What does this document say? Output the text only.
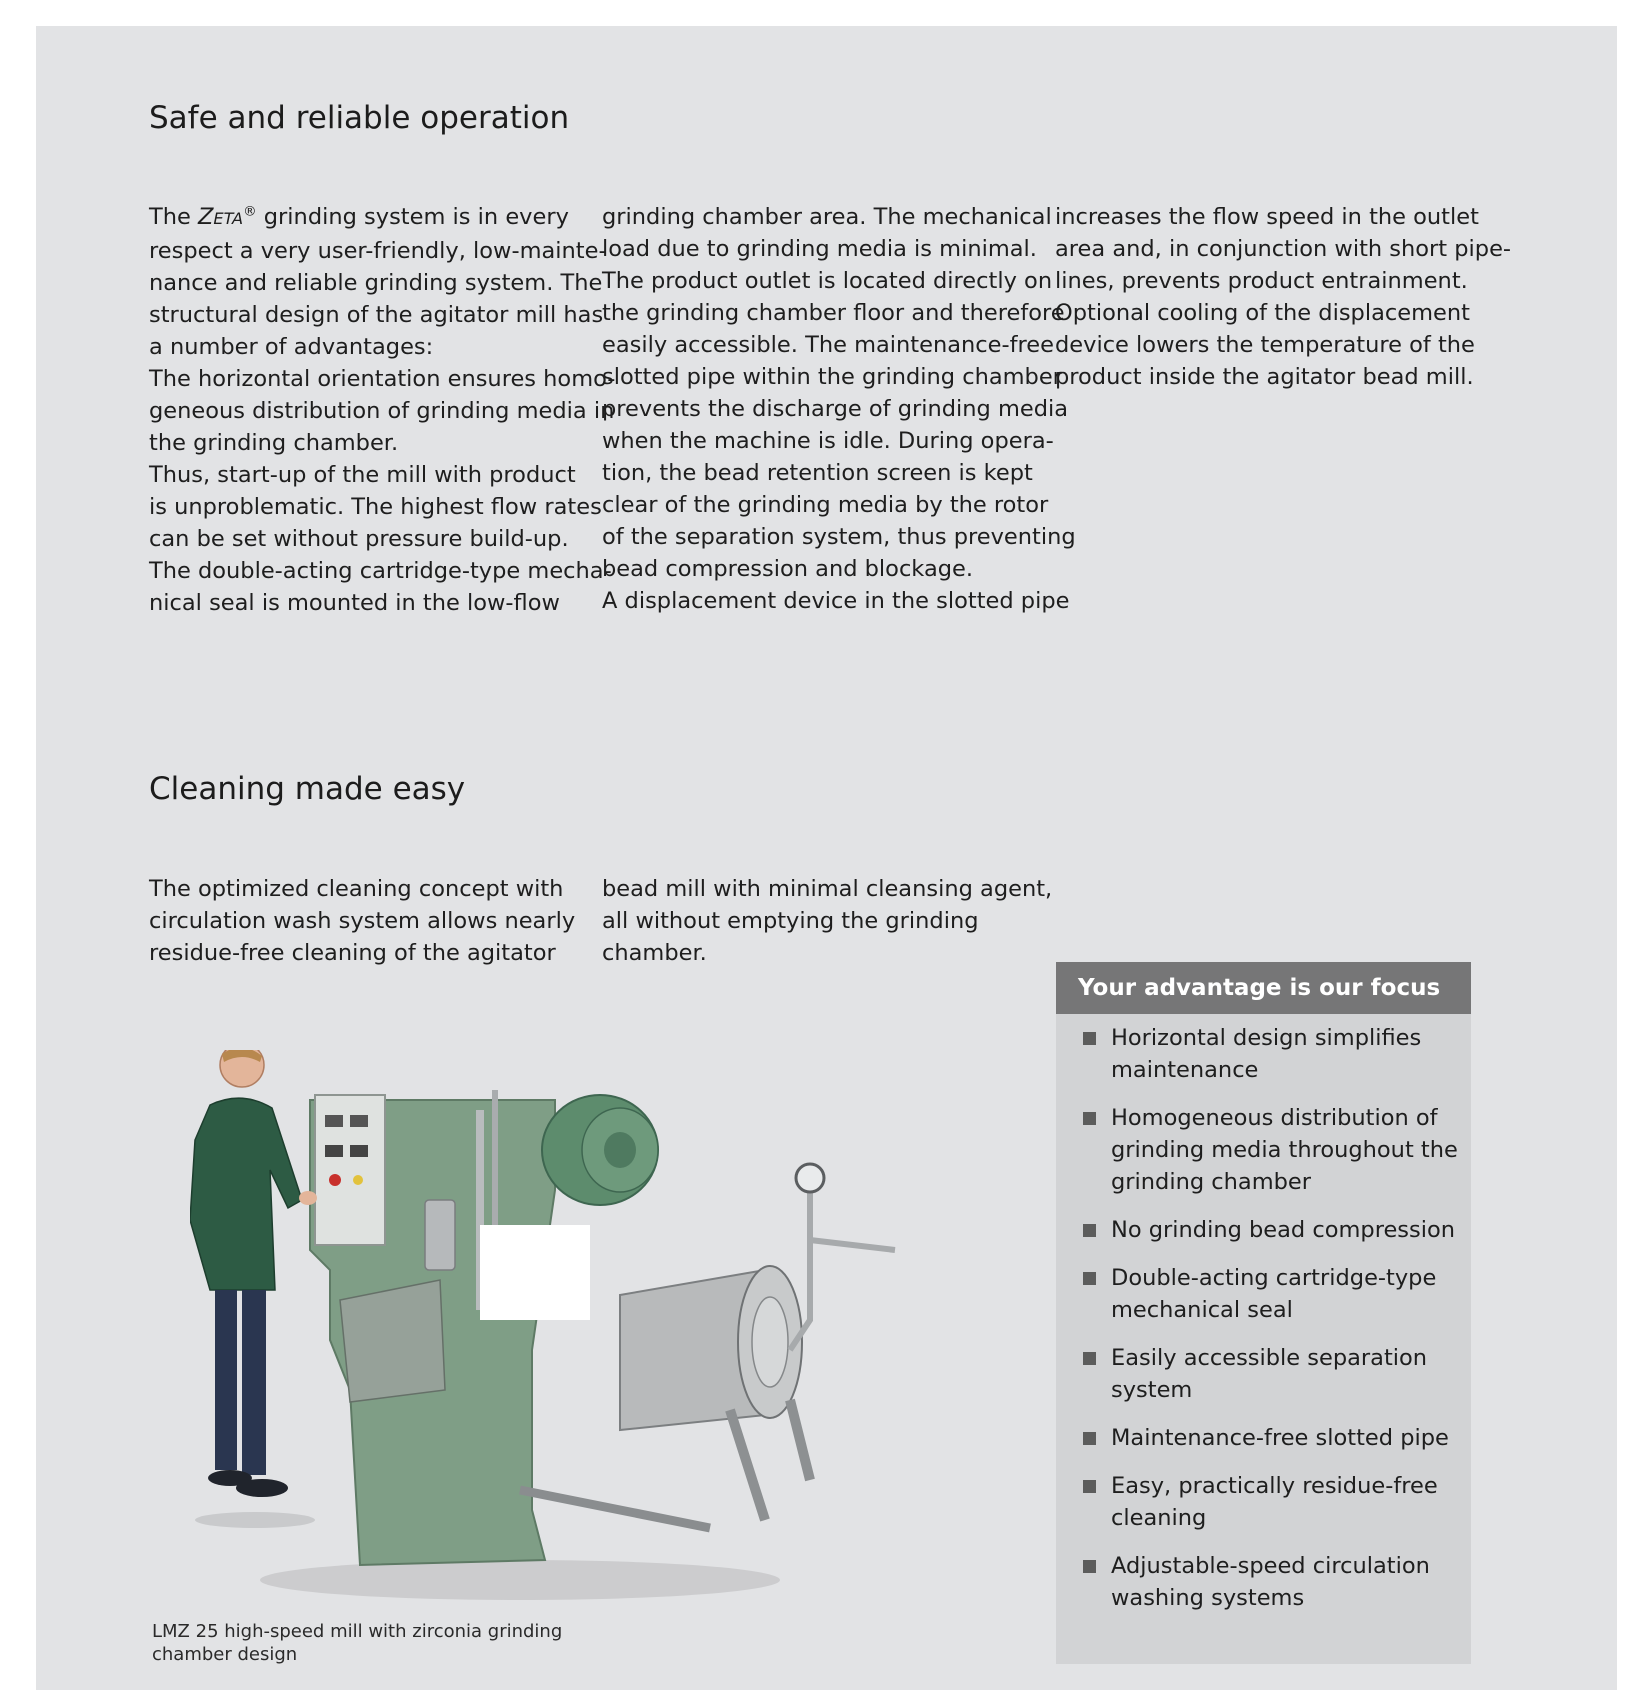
Safe and reliable operation
The ZETA® grinding system is in every
respect a very user-friendly, low-mainte-
nance and reliable grinding system. The
structural design of the agitator mill has
a number of advantages:
The horizontal orientation ensures homo-
geneous distribution of grinding media in
the grinding chamber.
Thus, start-up of the mill with product
is unproblematic. The highest flow rates
can be set without pressure build-up.
The double-acting cartridge-type mecha-
nical seal is mounted in the low-flow
grinding chamber area. The mechanical
load due to grinding media is minimal.
The product outlet is located directly on
the grinding chamber floor and therefore
easily accessible. The maintenance-free
slotted pipe within the grinding chamber
prevents the discharge of grinding media
when the machine is idle. During opera-
tion, the bead retention screen is kept
clear of the grinding media by the rotor
of the separation system, thus preventing
bead compression and blockage.
A displacement device in the slotted pipe
increases the flow speed in the outlet
area and, in conjunction with short pipe-
lines, prevents product entrainment.
Optional cooling of the displacement
device lowers the temperature of the
product inside the agitator bead mill.
Cleaning made easy
The optimized cleaning concept with
circulation wash system allows nearly
residue-free cleaning of the agitator
bead mill with minimal cleansing agent,
all without emptying the grinding
chamber.
LMZ 25 high-speed mill with zirconia grinding
chamber design
Your advantage is our focus
Horizontal design simplifies
maintenance
Homogeneous distribution of
grinding media throughout the
grinding chamber
No grinding bead compression
Double-acting cartridge-type
mechanical seal
Easily accessible separation
system
Maintenance-free slotted pipe
Easy, practically residue-free
cleaning
Adjustable-speed circulation
washing systems
